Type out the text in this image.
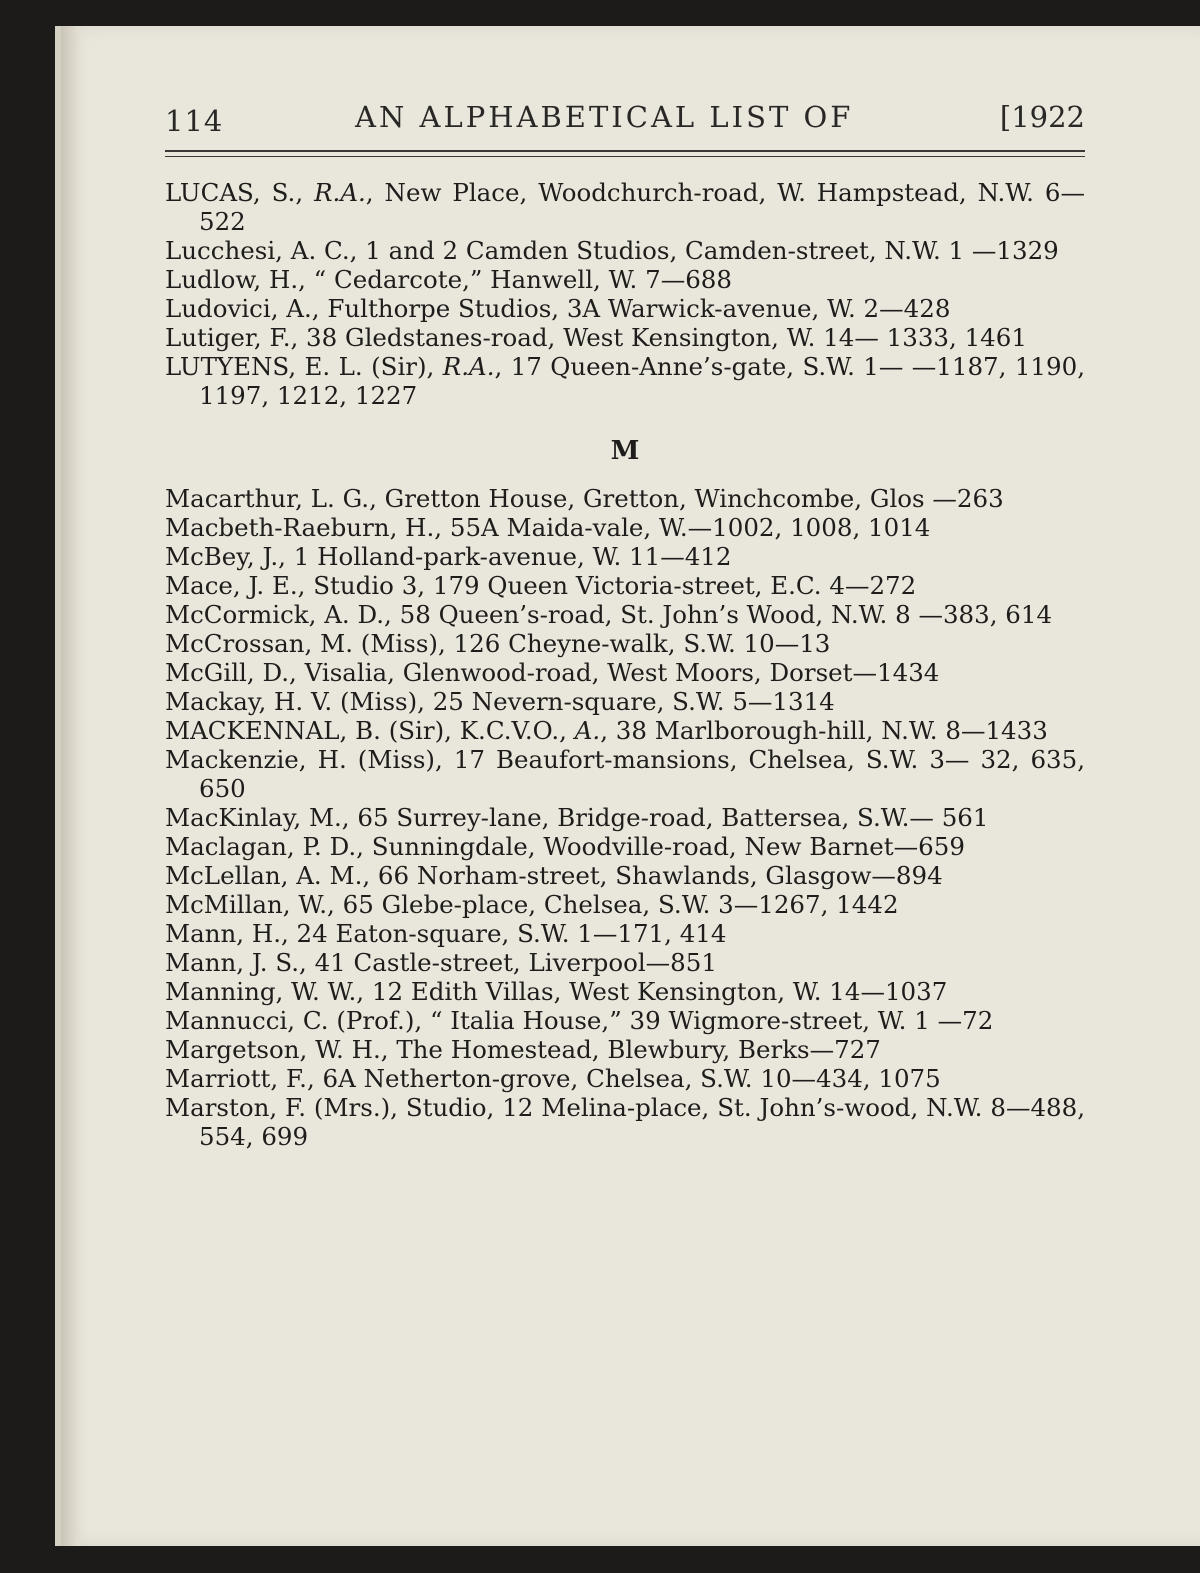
114	AN ALPHABETICAL LIST OF	[1922
LUCAS, S., R.A., New Place, Woodchurch-road, W. Hampstead, N.W. 6—522
Lucchesi, A. C., 1 and 2 Camden Studios, Camden-street, N.W. 1 —1329
Ludlow, H., “ Cedarcote,” Hanwell, W. 7—688
Ludovici, A., Fulthorpe Studios, 3A Warwick-avenue, W. 2—428
Lutiger, F., 38 Gledstanes-road, West Kensington, W. 14— 1333, 1461
LUTYENS, E. L. (Sir), R.A., 17 Queen-Anne’s-gate, S.W. 1— —1187, 1190, 1197, 1212, 1227
M
Macarthur, L. G., Gretton House, Gretton, Winchcombe, Glos —263
Macbeth-Raeburn, H., 55A Maida-vale, W.—1002, 1008, 1014
McBey, J., 1 Holland-park-avenue, W. 11—412
Mace, J. E., Studio 3, 179 Queen Victoria-street, E.C. 4—272
McCormick, A. D., 58 Queen’s-road, St. John’s Wood, N.W. 8 —383, 614
McCrossan, M. (Miss), 126 Cheyne-walk, S.W. 10—13
McGill, D., Visalia, Glenwood-road, West Moors, Dorset—1434
Mackay, H. V. (Miss), 25 Nevern-square, S.W. 5—1314
MACKENNAL, B. (Sir), K.C.V.O., A., 38 Marlborough-hill, N.W. 8—1433
Mackenzie, H. (Miss), 17 Beaufort-mansions, Chelsea, S.W. 3— 32, 635, 650
MacKinlay, M., 65 Surrey-lane, Bridge-road, Battersea, S.W.— 561
Maclagan, P. D., Sunningdale, Woodville-road, New Barnet—659
McLellan, A. M., 66 Norham-street, Shawlands, Glasgow—894
McMillan, W., 65 Glebe-place, Chelsea, S.W. 3—1267, 1442
Mann, H., 24 Eaton-square, S.W. 1—171, 414
Mann, J. S., 41 Castle-street, Liverpool—851
Manning, W. W., 12 Edith Villas, West Kensington, W. 14—1037
Mannucci, C. (Prof.), “ Italia House,” 39 Wigmore-street, W. 1 —72
Margetson, W. H., The Homestead, Blewbury, Berks—727
Marriott, F., 6A Netherton-grove, Chelsea, S.W. 10—434, 1075
Marston, F. (Mrs.), Studio, 12 Melina-place, St. John’s-wood, N.W. 8—488, 554, 699
